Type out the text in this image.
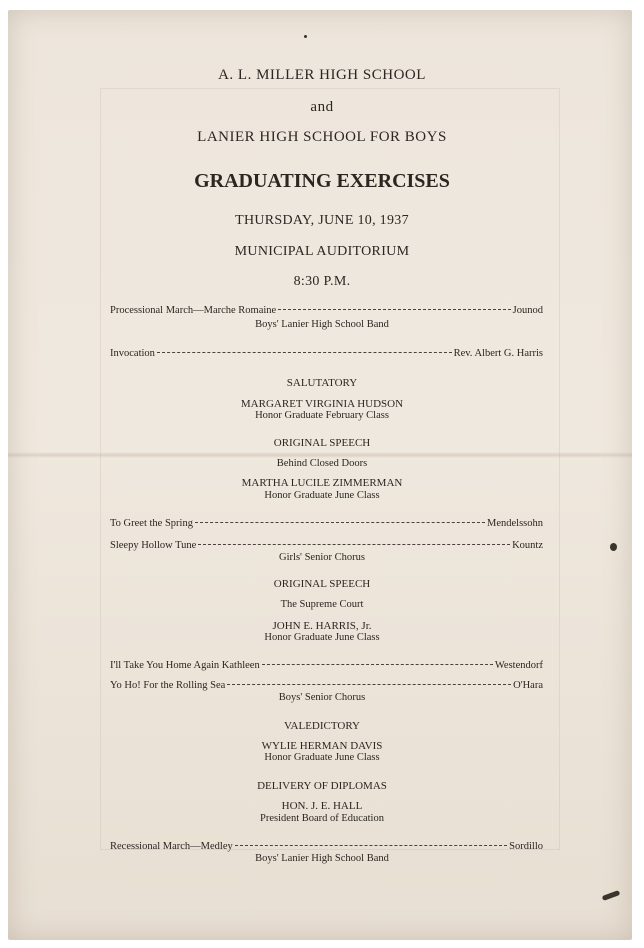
A. L. MILLER HIGH SCHOOL
and
LANIER HIGH SCHOOL FOR BOYS
GRADUATING EXERCISES
THURSDAY, JUNE 10, 1937
MUNICIPAL AUDITORIUM
8:30 P.M.
Processional March—Marche Romaine	Jounod
Boys' Lanier High School Band
Invocation	Rev. Albert G. Harris
SALUTATORY
MARGARET VIRGINIA HUDSON
Honor Graduate February Class
ORIGINAL SPEECH
Behind Closed Doors
MARTHA LUCILE ZIMMERMAN
Honor Graduate June Class
To Greet the Spring	Mendelssohn
Sleepy Hollow Tune	Kountz
Girls' Senior Chorus
ORIGINAL SPEECH
The Supreme Court
JOHN E. HARRIS, Jr.
Honor Graduate June Class
I'll Take You Home Again Kathleen	Westendorf
Yo Ho! For the Rolling Sea	O'Hara
Boys' Senior Chorus
VALEDICTORY
WYLIE HERMAN DAVIS
Honor Graduate June Class
DELIVERY OF DIPLOMAS
HON. J. E. HALL
President Board of Education
Recessional March—Medley	Sordillo
Boys' Lanier High School Band
